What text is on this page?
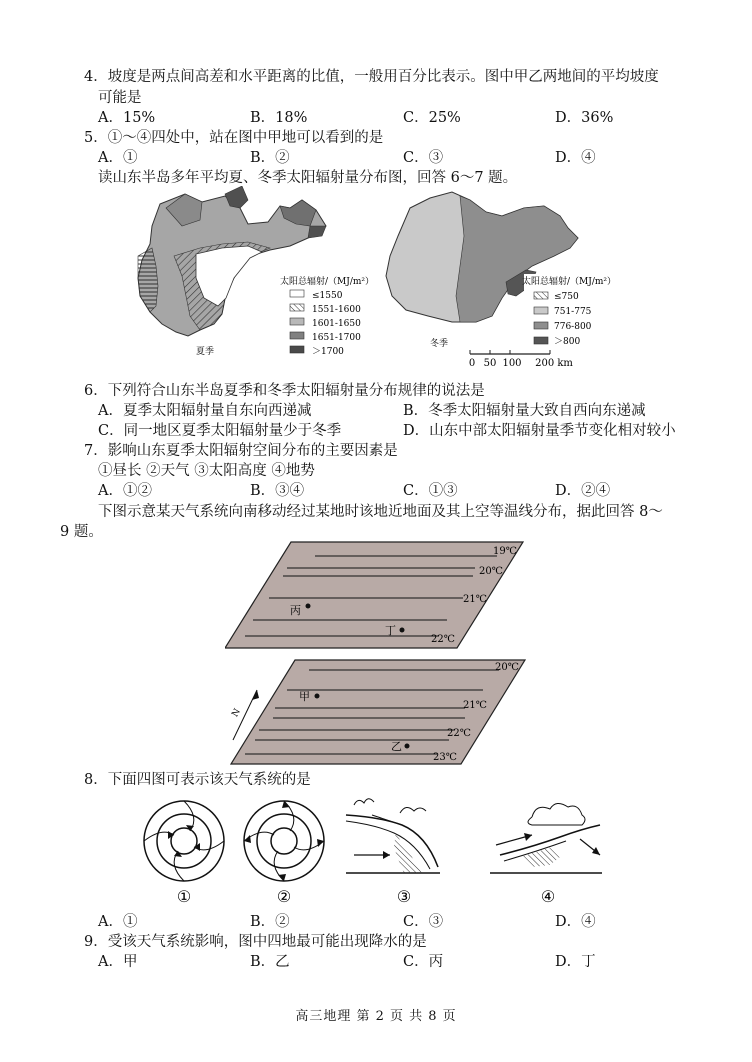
4．坡度是两点间高差和水平距离的比值，一般用百分比表示。图中甲乙两地间的平均坡度
可能是
A．15%	B．18%	C．25%	D．36%
5．①～④四处中，站在图中甲地可以看到的是
A．①	B．②	C．③	D．④
读山东半岛多年平均夏、冬季太阳辐射量分布图，回答 6～7 题。
太阳总辐射/（MJ/m²）
≤1550
1551-1600
1601-1650
1651-1700
＞1700
夏季
太阳总辐射/（MJ/m²）
≤750
751-775
776-800
＞800
冬季
0 50 100 200 km
6．下列符合山东半岛夏季和冬季太阳辐射量分布规律的说法是
A．夏季太阳辐射量自东向西递减	B．冬季太阳辐射量大致自西向东递减
C．同一地区夏季太阳辐射量少于冬季	D．山东中部太阳辐射量季节变化相对较小
7．影响山东夏季太阳辐射空间分布的主要因素是
①昼长 ②天气 ③太阳高度 ④地势
A．①②	B．③④	C．①③	D．②④
下图示意某天气系统向南移动经过某地时该地近地面及其上空等温线分布，据此回答 8～
9 题。
19℃
20℃
21℃
22℃
丙
丁
20℃
21℃
22℃
23℃
甲
乙
N
8．下面四图可表示该天气系统的是
①	②	③	④
A．①	B．②	C．③	D．④
9．受该天气系统影响，图中四地最可能出现降水的是
A．甲	B．乙	C．丙	D．丁
高三地理 第 2 页 共 8 页
